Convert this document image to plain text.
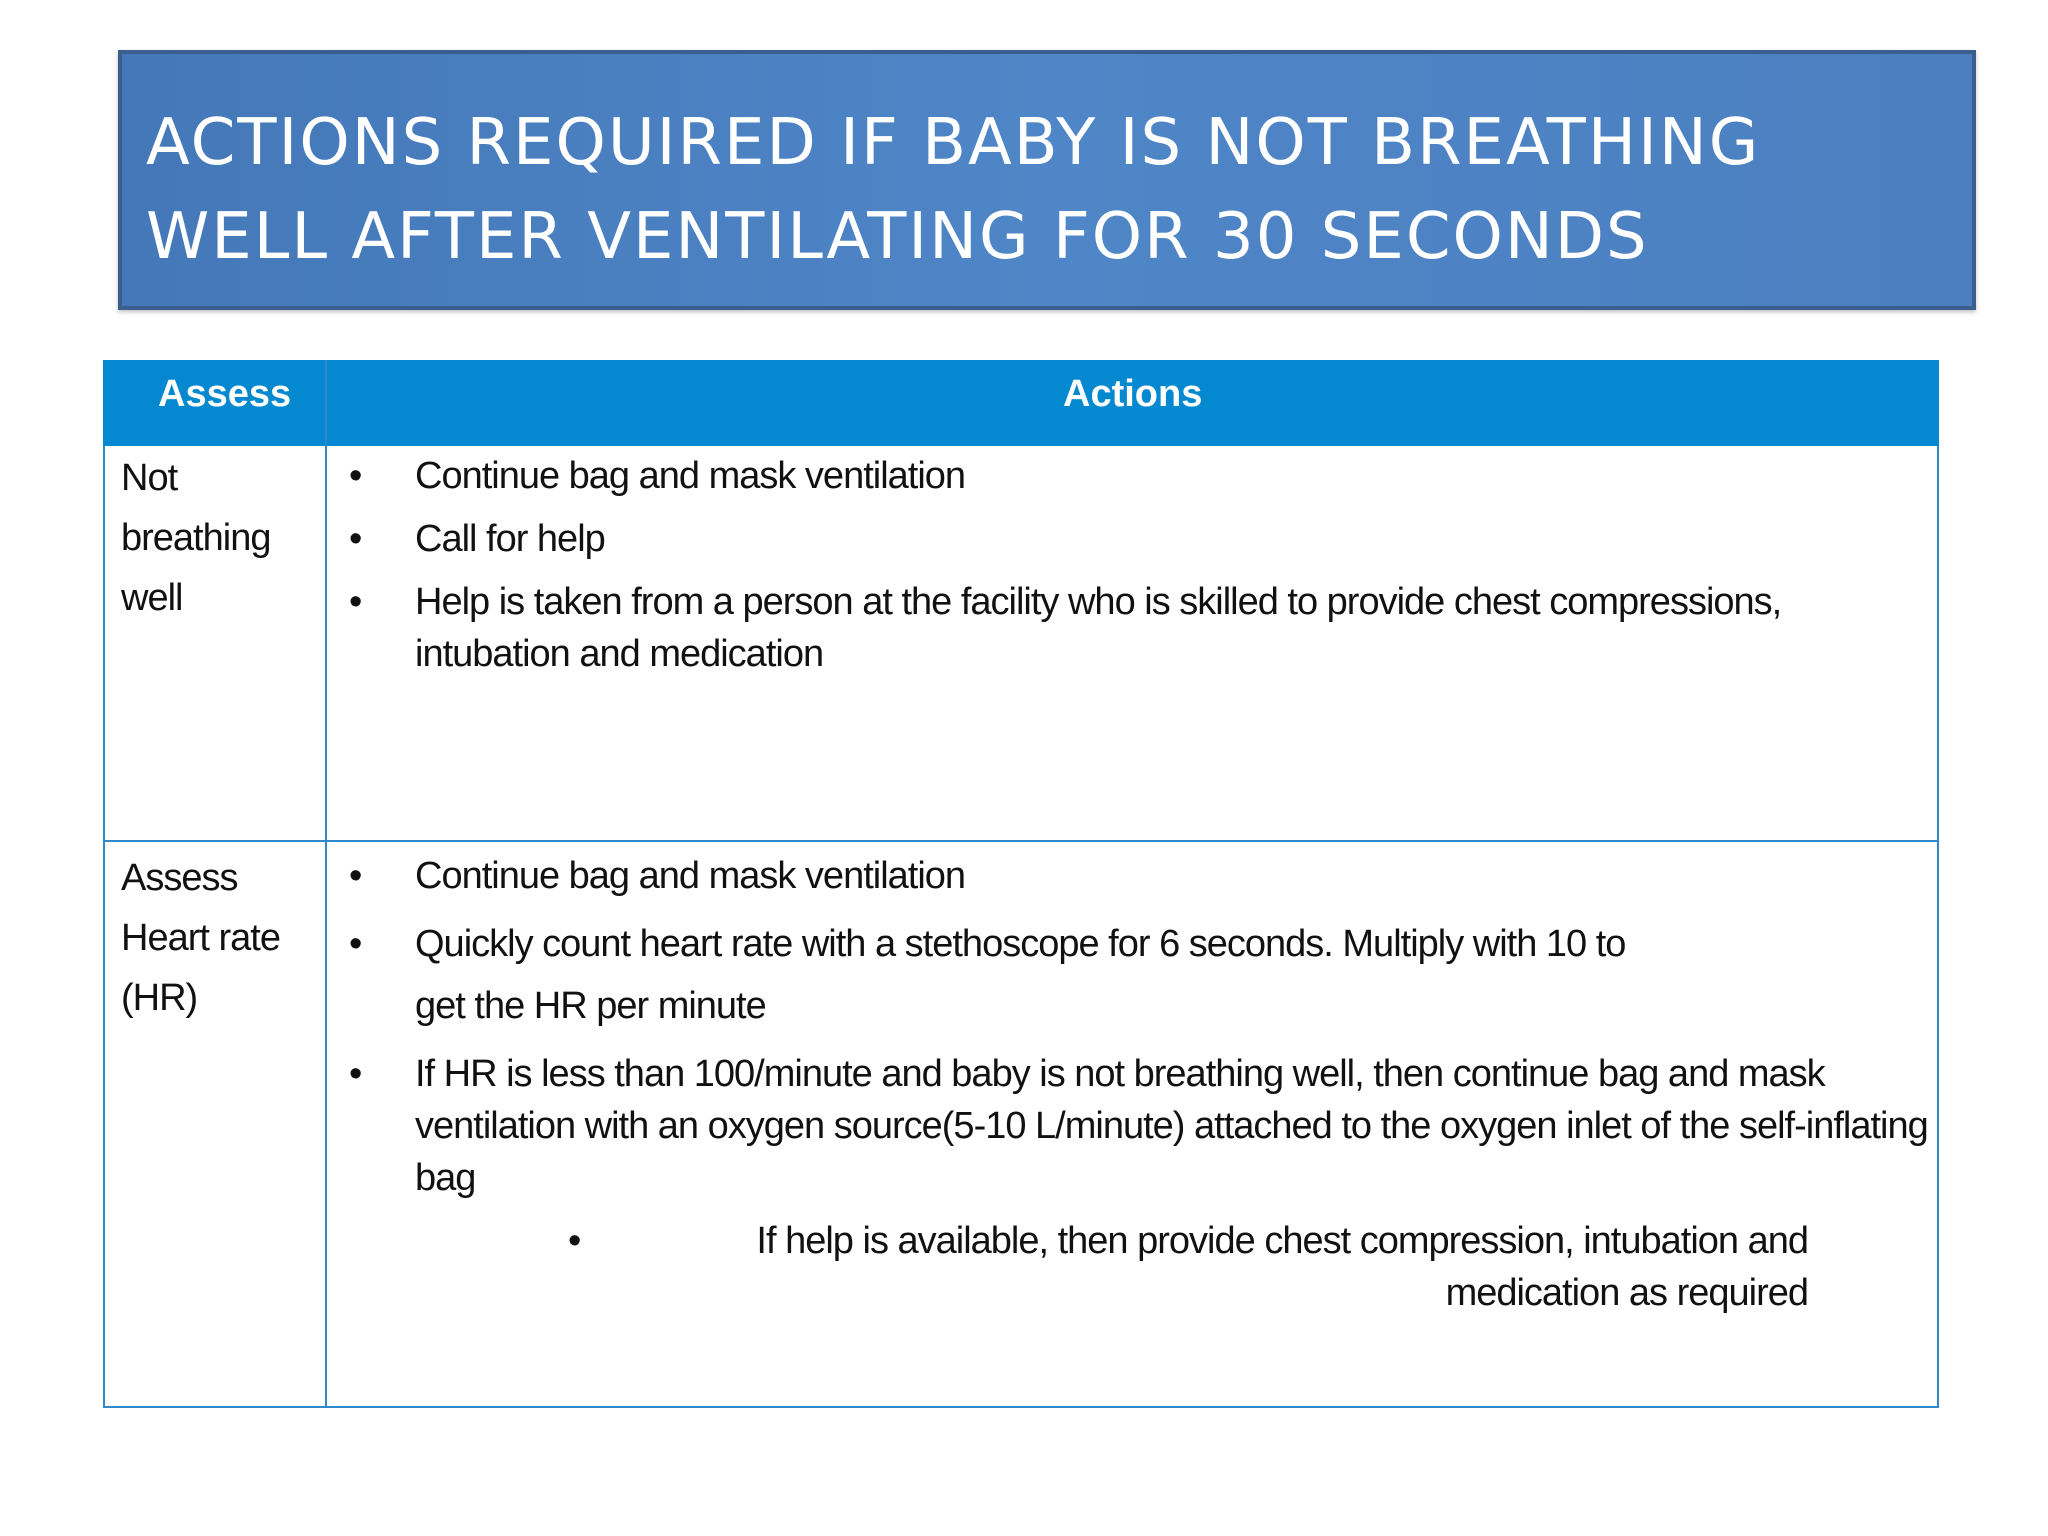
ACTIONS REQUIRED IF BABY IS NOT BREATHING
WELL AFTER VENTILATING FOR 30 SECONDS
Assess	Actions
Not breathing well
• Continue bag and mask ventilation
• Call for help
• Help is taken from a person at the facility who is skilled to provide chest compressions, intubation and medication
Assess Heart rate (HR)
• Continue bag and mask ventilation
• Quickly count heart rate with a stethoscope for 6 seconds. Multiply with 10 to get the HR per minute
• If HR is less than 100/minute and baby is not breathing well, then continue bag and mask ventilation with an oxygen source(5-10 L/minute) attached to the oxygen inlet of the self-inflating bag
• If help is available, then provide chest compression, intubation and medication as required
